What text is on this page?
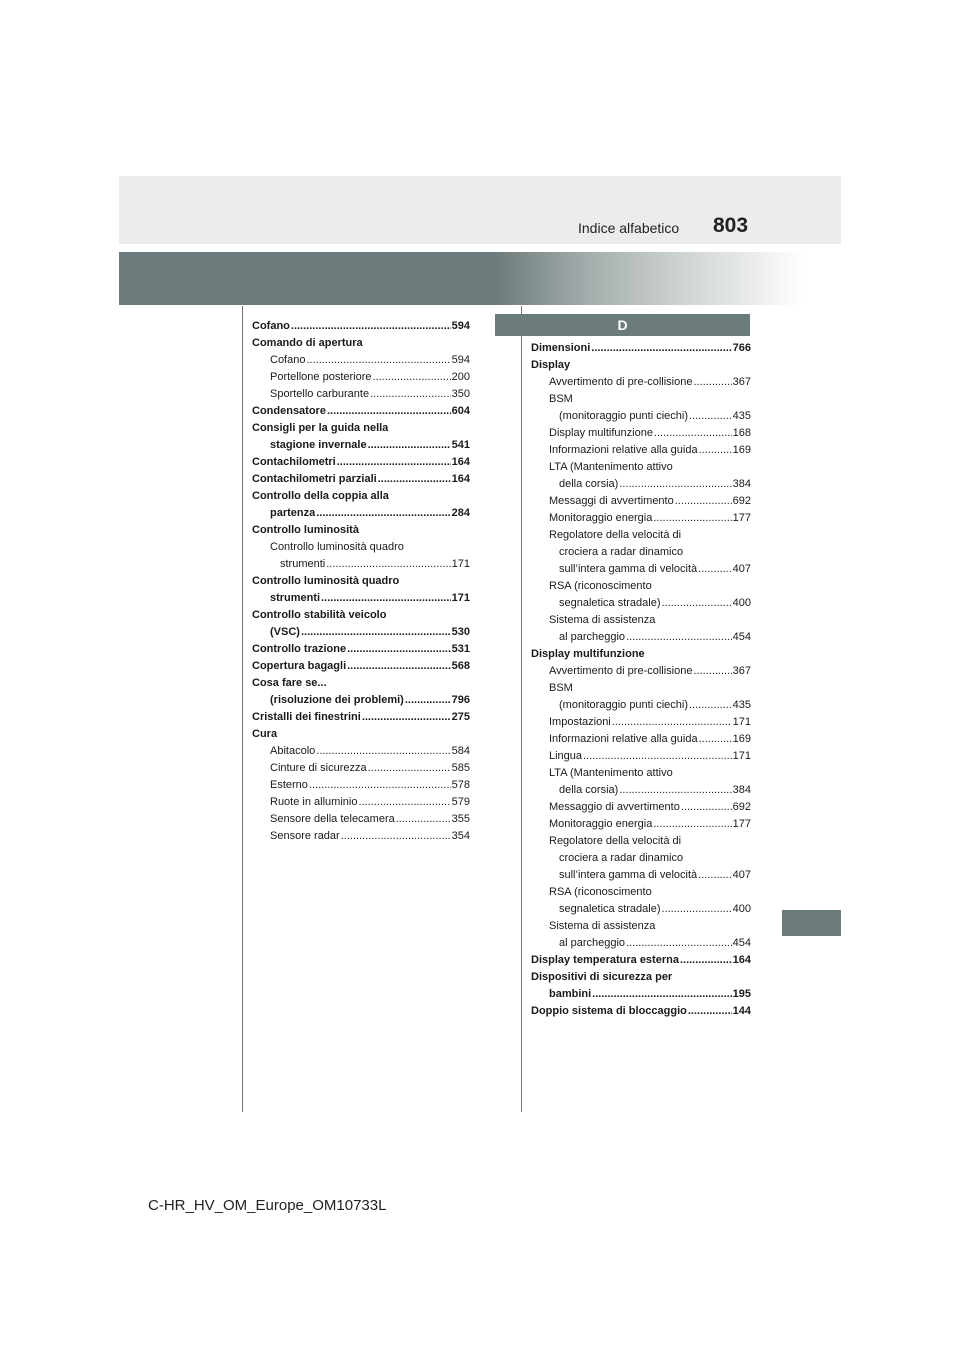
803
Indice alfabetico
D
Cofano .....	594
Comando di apertura
Cofano .....	594
Portellone posteriore .....	200
Sportello carburante .....	350
Condensatore .....	604
Consigli per la guida nella
stagione invernale .....	541
Contachilometri .....	164
Contachilometri parziali .....	164
Controllo della coppia alla
partenza .....	284
Controllo luminosità
Controllo luminosità quadro
strumenti .....	171
Controllo luminosità quadro
strumenti .....	171
Controllo stabilità veicolo
(VSC) .....	530
Controllo trazione .....	531
Copertura bagagli .....	568
Cosa fare se...
(risoluzione dei problemi) .....	796
Cristalli dei finestrini .....	275
Cura
Abitacolo .....	584
Cinture di sicurezza .....	585
Esterno .....	578
Ruote in alluminio .....	579
Sensore della telecamera .....	355
Sensore radar .....	354
Dimensioni .....	766
Display
Avvertimento di pre-collisione .....	367
BSM
(monitoraggio punti ciechi) .....	435
Display multifunzione .....	168
Informazioni relative alla guida .....	169
LTA (Mantenimento attivo
della corsia) .....	384
Messaggi di avvertimento .....	692
Monitoraggio energia .....	177
Regolatore della velocità di
crociera a radar dinamico
sull’intera gamma di velocità .....	407
RSA (riconoscimento
segnaletica stradale) .....	400
Sistema di assistenza
al parcheggio .....	454
Display multifunzione
Avvertimento di pre-collisione .....	367
BSM
(monitoraggio punti ciechi) .....	435
Impostazioni .....	171
Informazioni relative alla guida .....	169
Lingua .....	171
LTA (Mantenimento attivo
della corsia) .....	384
Messaggio di avvertimento .....	692
Monitoraggio energia .....	177
Regolatore della velocità di
crociera a radar dinamico
sull’intera gamma di velocità .....	407
RSA (riconoscimento
segnaletica stradale) .....	400
Sistema di assistenza
al parcheggio .....	454
Display temperatura esterna .....	164
Dispositivi di sicurezza per
bambini .....	195
Doppio sistema di bloccaggio .....	144
C-HR_HV_OM_Europe_OM10733L
